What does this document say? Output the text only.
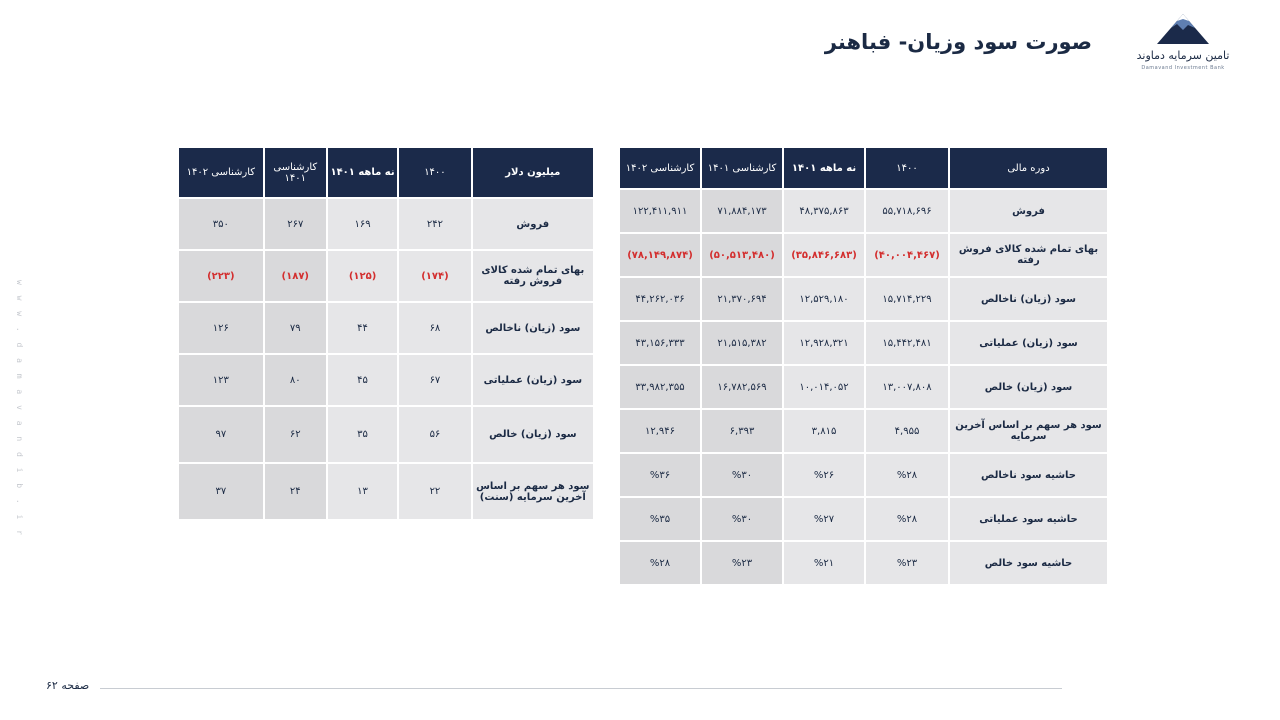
صورت سود وزیان- فباهنر
تامین سرمایه دماوند
Damavand Investment Bank
w w w . d a m a v a n d i b . i r
دوره مالی	۱۴۰۰	نه ماهه ۱۴۰۱	کارشناسی ۱۴۰۱	کارشناسی ۱۴۰۲
فروش	۵۵,۷۱۸,۶۹۶	۴۸,۳۷۵,۸۶۳	۷۱,۸۸۴,۱۷۳	۱۲۲,۴۱۱,۹۱۱
بهای تمام شده کالای فروش رفته	(۴۰,۰۰۴,۴۶۷)	(۳۵,۸۴۶,۶۸۳)	(۵۰,۵۱۳,۴۸۰)	(۷۸,۱۴۹,۸۷۴)
سود (زیان) ناخالص	۱۵,۷۱۴,۲۲۹	۱۲,۵۲۹,۱۸۰	۲۱,۳۷۰,۶۹۴	۴۴,۲۶۲,۰۳۶
سود (زیان) عملیاتی	۱۵,۴۴۲,۴۸۱	۱۲,۹۲۸,۳۲۱	۲۱,۵۱۵,۳۸۲	۴۳,۱۵۶,۳۳۳
سود (زیان) خالص	۱۳,۰۰۷,۸۰۸	۱۰,۰۱۴,۰۵۲	۱۶,۷۸۲,۵۶۹	۳۳,۹۸۲,۳۵۵
سود هر سهم بر اساس آخرین سرمایه	۴,۹۵۵	۳,۸۱۵	۶,۳۹۳	۱۲,۹۴۶
حاشیه سود ناخالص	%۲۸	%۲۶	%۳۰	%۳۶
حاشیه سود عملیاتی	%۲۸	%۲۷	%۳۰	%۳۵
حاشیه سود خالص	%۲۳	%۲۱	%۲۳	%۲۸
میلیون دلار	۱۴۰۰	نه ماهه ۱۴۰۱	کارشناسی ۱۴۰۱	کارشناسی ۱۴۰۲
فروش	۲۴۲	۱۶۹	۲۶۷	۳۵۰
بهای تمام شده کالای فروش رفته	(۱۷۴)	(۱۲۵)	(۱۸۷)	(۲۲۳)
سود (زیان) ناخالص	۶۸	۴۴	۷۹	۱۲۶
سود (زیان) عملیاتی	۶۷	۴۵	۸۰	۱۲۳
سود (زیان) خالص	۵۶	۳۵	۶۲	۹۷
سود هر سهم بر اساس آخرین سرمایه (سنت)	۲۲	۱۳	۲۴	۳۷
صفحه ۶۲
